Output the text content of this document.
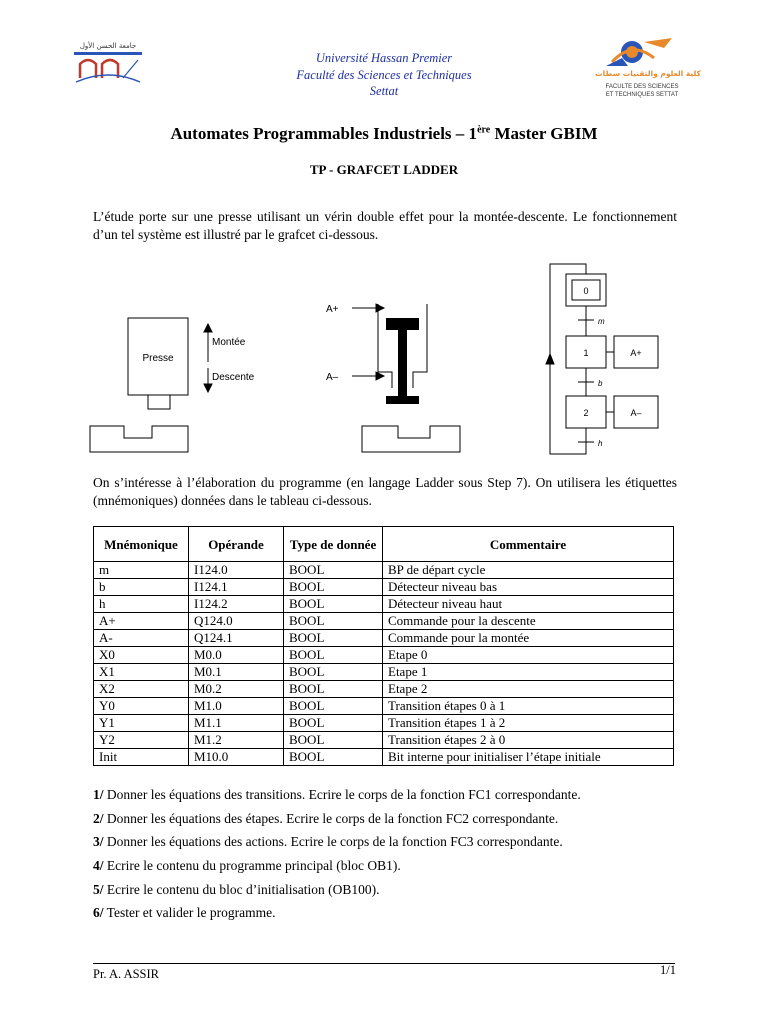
جامعة الحسن الأول
Université Hassan Premier
Faculté des Sciences et Techniques
Settat
كلية العلوم والتقنيات سطات
FACULTE DES SCIENCES
ET TECHNIQUES SETTAT
Automates Programmables Industriels – 1ère Master GBIM
TP - GRAFCET LADDER
L’étude porte sur une presse utilisant un vérin double effet pour la montée-descente. Le fonctionnement d’un tel système est illustré par le grafcet ci-dessous.
Presse
Montée
Descente
A+
A–
0
1
2
A+
A–
m
b
h
On s’intéresse à l’élaboration du programme (en langage Ladder sous Step 7). On utilisera les étiquettes (mnémoniques) données dans le tableau ci-dessous.
Mnémonique	Opérande	Type de donnée	Commentaire
m	I124.0	BOOL	BP de départ cycle
b	I124.1	BOOL	Détecteur niveau bas
h	I124.2	BOOL	Détecteur niveau haut
A+	Q124.0	BOOL	Commande pour la descente
A-	Q124.1	BOOL	Commande pour la montée
X0	M0.0	BOOL	Etape 0
X1	M0.1	BOOL	Etape 1
X2	M0.2	BOOL	Etape 2
Y0	M1.0	BOOL	Transition étapes 0 à 1
Y1	M1.1	BOOL	Transition étapes 1 à 2
Y2	M1.2	BOOL	Transition étapes 2 à 0
Init	M10.0	BOOL	Bit interne pour initialiser l’étape initiale
1/ Donner les équations des transitions. Ecrire le corps de la fonction FC1 correspondante.
2/ Donner les équations des étapes. Ecrire le corps de la fonction FC2 correspondante.
3/ Donner les équations des actions. Ecrire le corps de la fonction FC3 correspondante.
4/ Ecrire le contenu du programme principal (bloc OB1).
5/ Ecrire le contenu du bloc d’initialisation (OB100).
6/ Tester et valider le programme.
Pr. A. ASSIR	1/1
